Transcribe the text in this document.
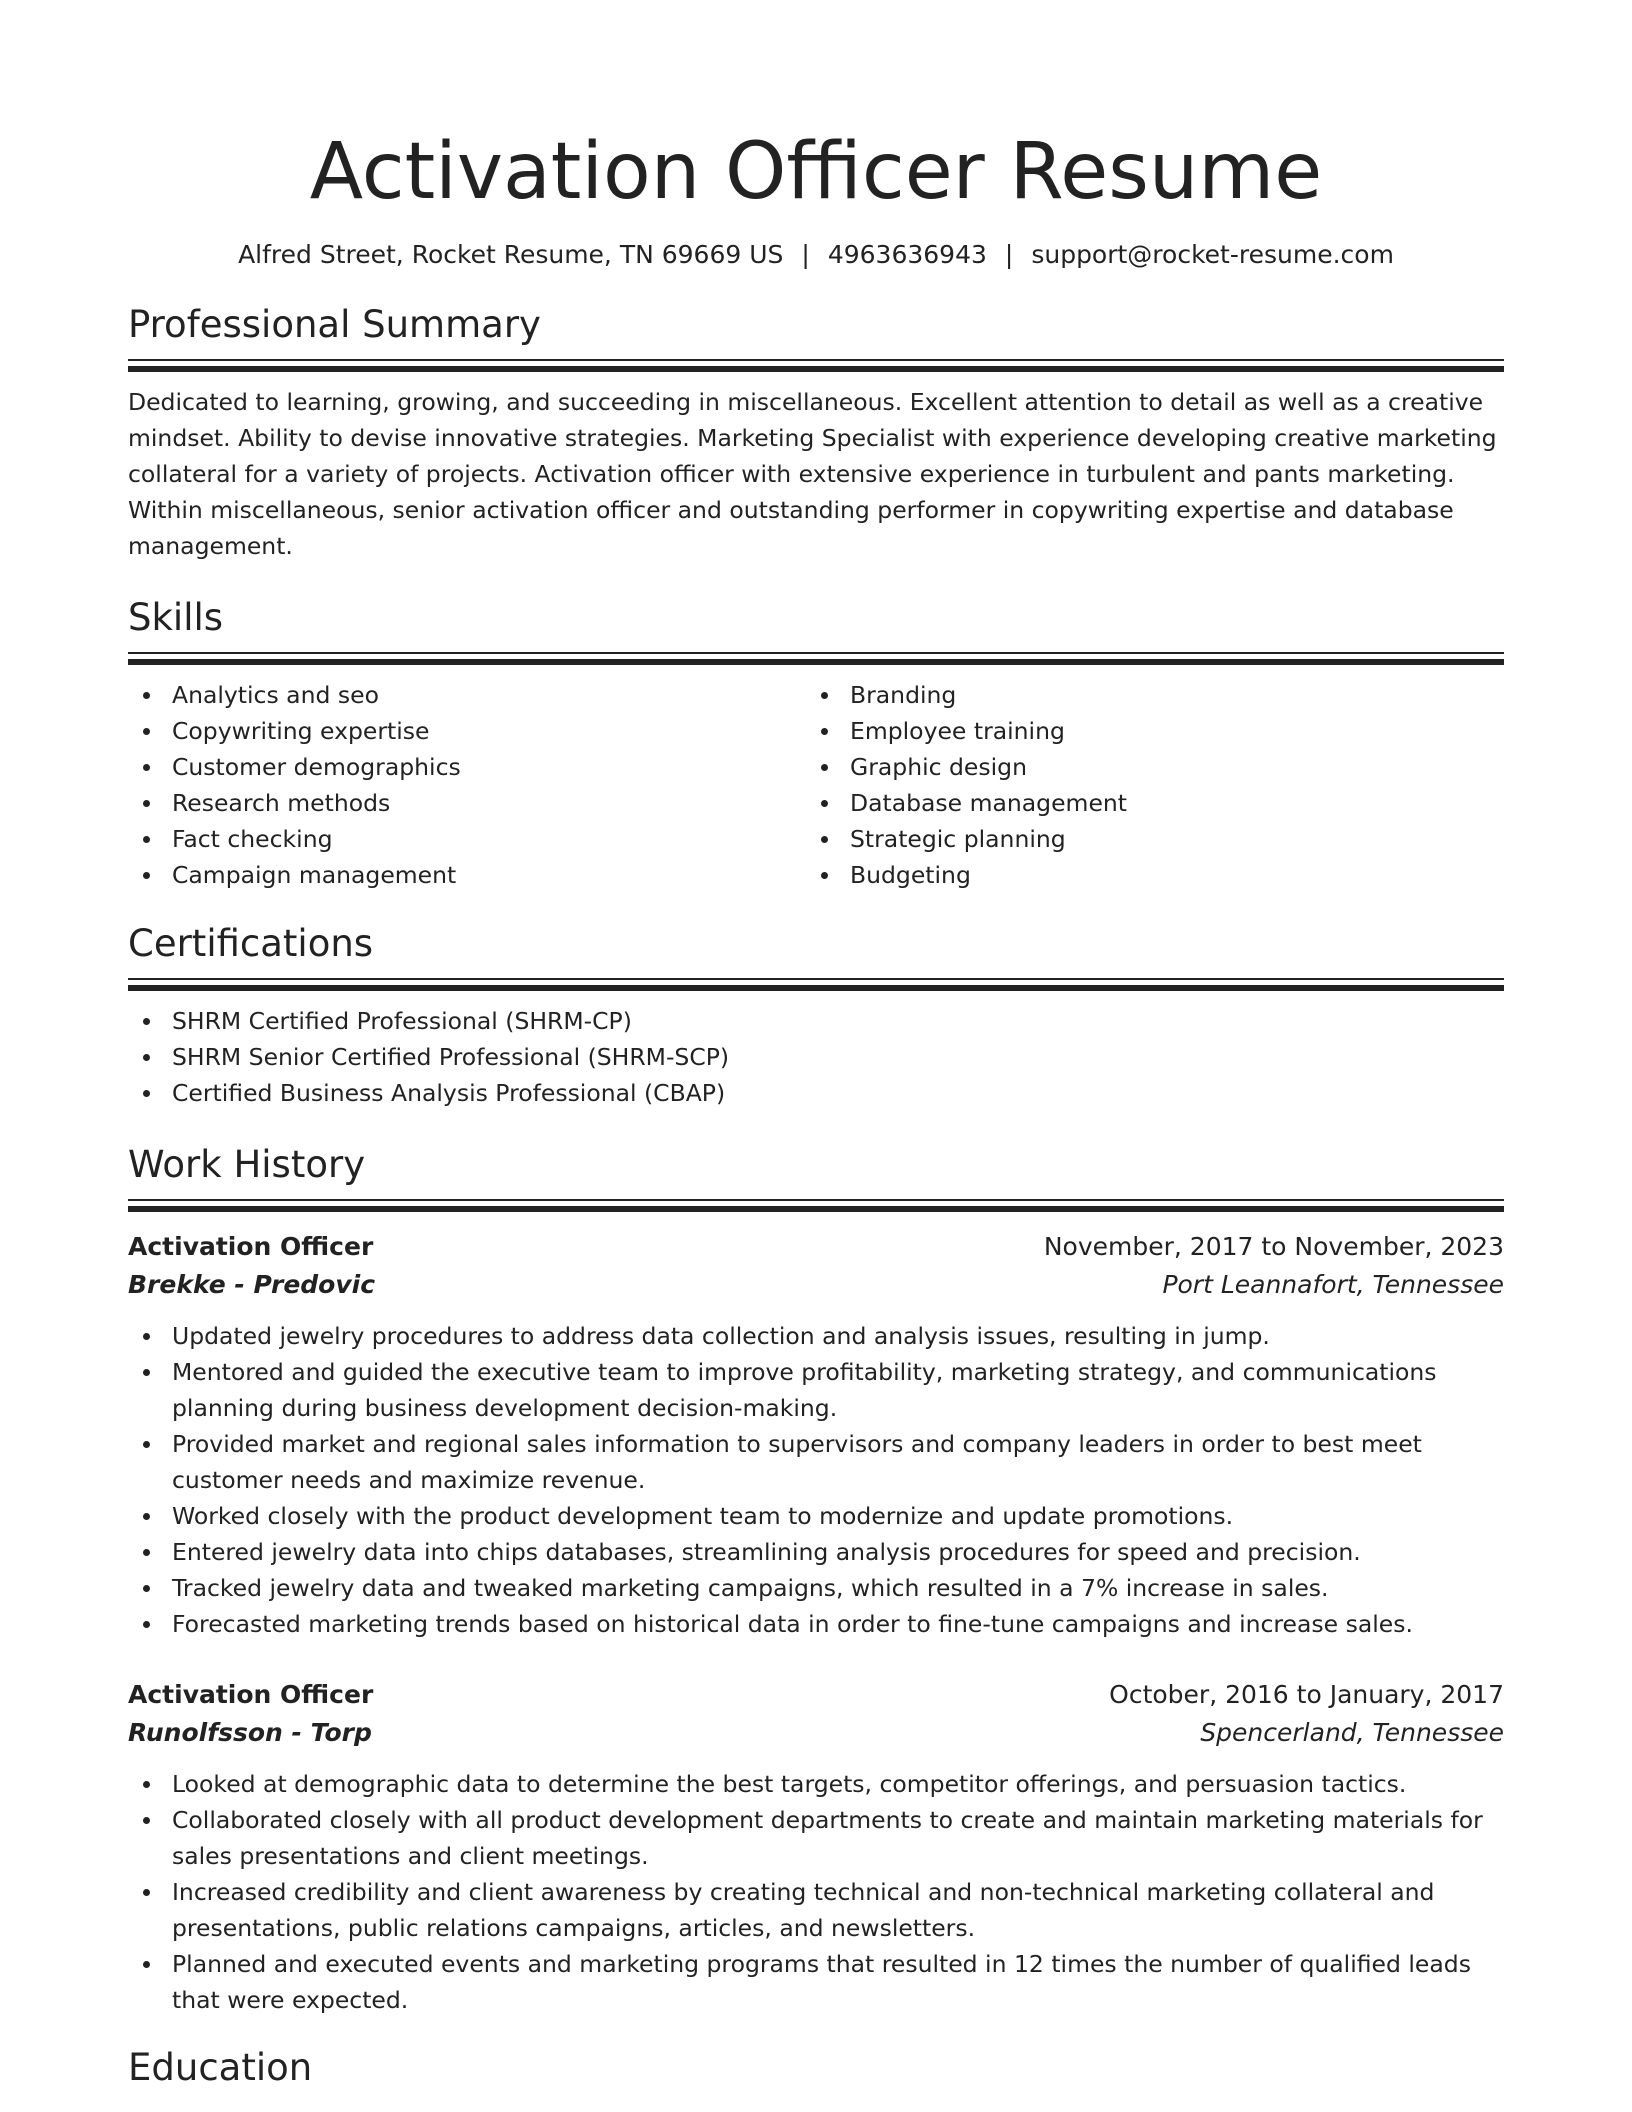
Activation Officer Resume
Alfred Street, Rocket Resume, TN 69669 US | 4963636943 | support@rocket-resume.com
Professional Summary
Dedicated to learning, growing, and succeeding in miscellaneous. Excellent attention to detail as well as a creative mindset. Ability to devise innovative strategies. Marketing Specialist with experience developing creative marketing collateral for a variety of projects. Activation officer with extensive experience in turbulent and pants marketing. Within miscellaneous, senior activation officer and outstanding performer in copywriting expertise and database management.
Skills
Analytics and seo
Copywriting expertise
Customer demographics
Research methods
Fact checking
Campaign management
Branding
Employee training
Graphic design
Database management
Strategic planning
Budgeting
Certifications
SHRM Certified Professional (SHRM-CP)
SHRM Senior Certified Professional (SHRM-SCP)
Certified Business Analysis Professional (CBAP)
Work History
Activation Officer	November, 2017 to November, 2023
Brekke - Predovic	Port Leannafort, Tennessee
Updated jewelry procedures to address data collection and analysis issues, resulting in jump.
Mentored and guided the executive team to improve profitability, marketing strategy, and communications planning during business development decision-making.
Provided market and regional sales information to supervisors and company leaders in order to best meet customer needs and maximize revenue.
Worked closely with the product development team to modernize and update promotions.
Entered jewelry data into chips databases, streamlining analysis procedures for speed and precision.
Tracked jewelry data and tweaked marketing campaigns, which resulted in a 7% increase in sales.
Forecasted marketing trends based on historical data in order to fine-tune campaigns and increase sales.
Activation Officer	October, 2016 to January, 2017
Runolfsson - Torp	Spencerland, Tennessee
Looked at demographic data to determine the best targets, competitor offerings, and persuasion tactics.
Collaborated closely with all product development departments to create and maintain marketing materials for sales presentations and client meetings.
Increased credibility and client awareness by creating technical and non-technical marketing collateral and presentations, public relations campaigns, articles, and newsletters.
Planned and executed events and marketing programs that resulted in 12 times the number of qualified leads that were expected.
Education
